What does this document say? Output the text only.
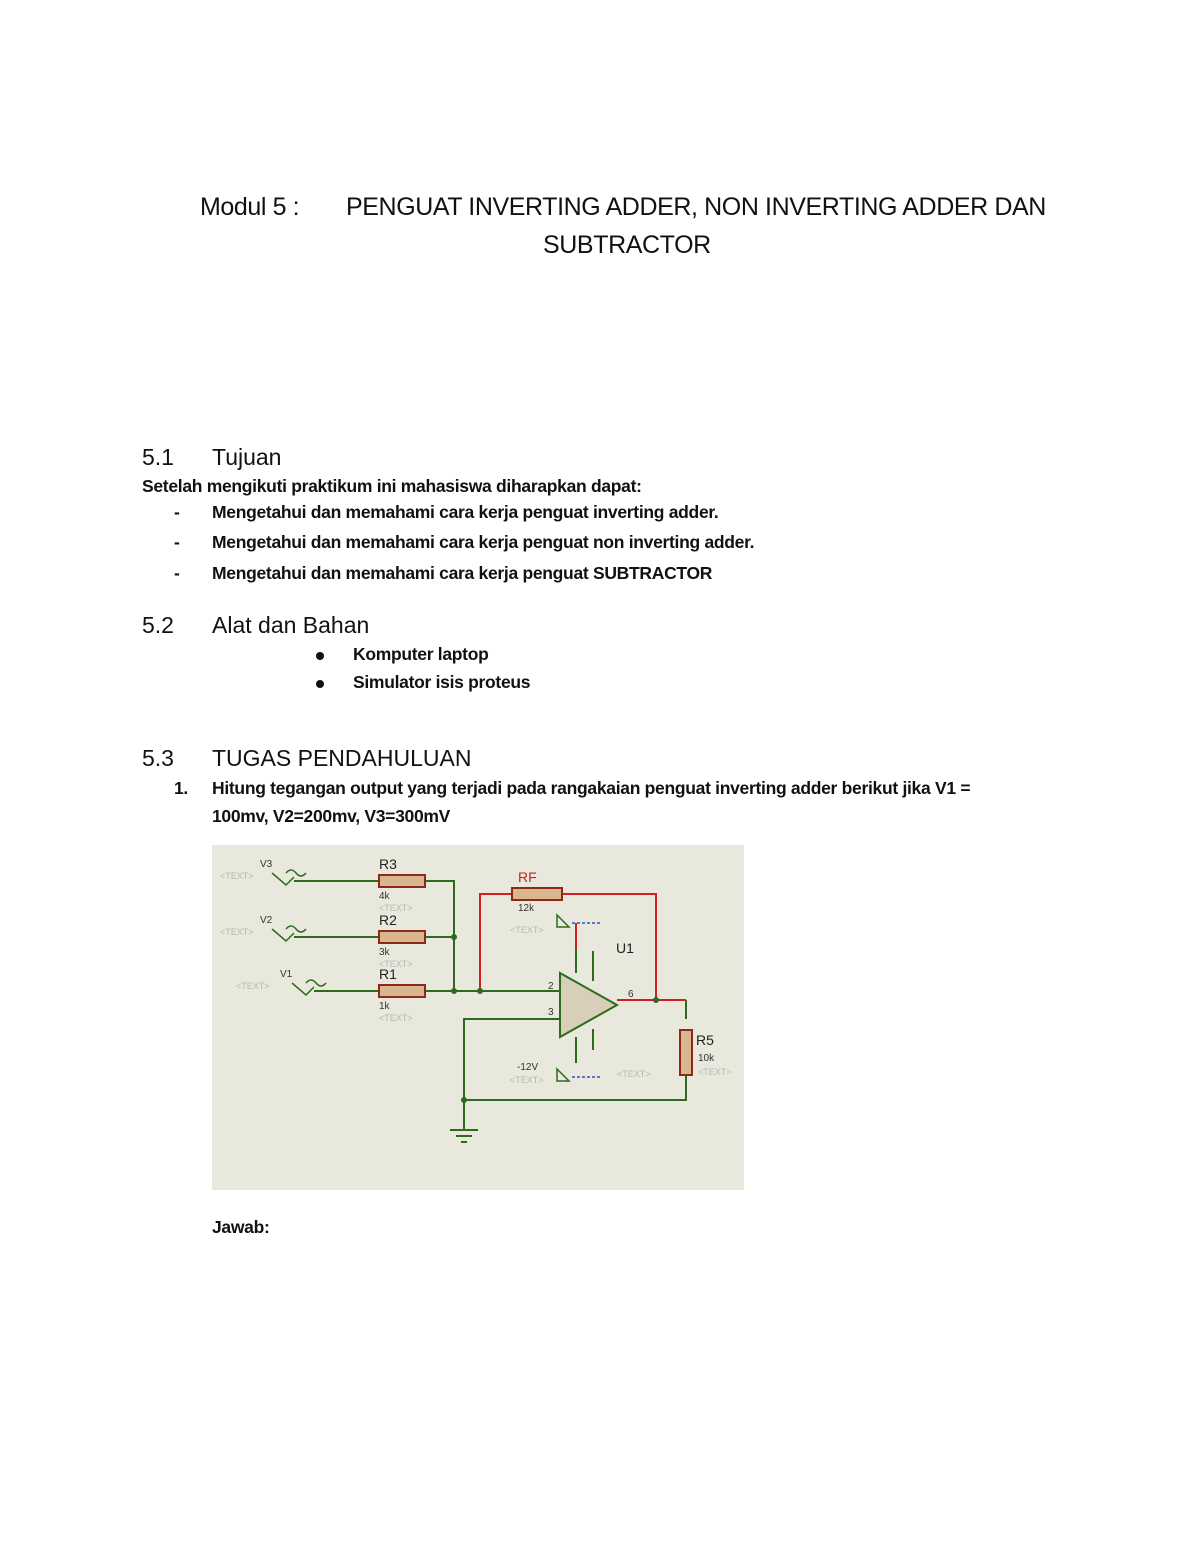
Modul 5 : PENGUAT INVERTING ADDER, NON INVERTING ADDER DAN
SUBTRACTOR
5.1 Tujuan
Setelah mengikuti praktikum ini mahasiswa diharapkan dapat:
- Mengetahui dan memahami cara kerja penguat inverting adder.
- Mengetahui dan memahami cara kerja penguat non inverting adder.
- Mengetahui dan memahami cara kerja penguat SUBTRACTOR
5.2 Alat dan Bahan
Komputer laptop
Simulator isis proteus
5.3 TUGAS PENDAHULUAN
1. Hitung tegangan output yang terjadi pada rangakaian penguat inverting adder berikut jika V1 =
100mv, V2=200mv, V3=300mV
R3
R2
R1
U1
R5
RF
4k
3k
1k
12k
10k
V3
V2
V1
2
3
6
-12V
<TEXT>
<TEXT>
<TEXT>
<TEXT>
<TEXT>
<TEXT>	<TEXT>
<TEXT>
<TEXT>
<TEXT>
Jawab:
